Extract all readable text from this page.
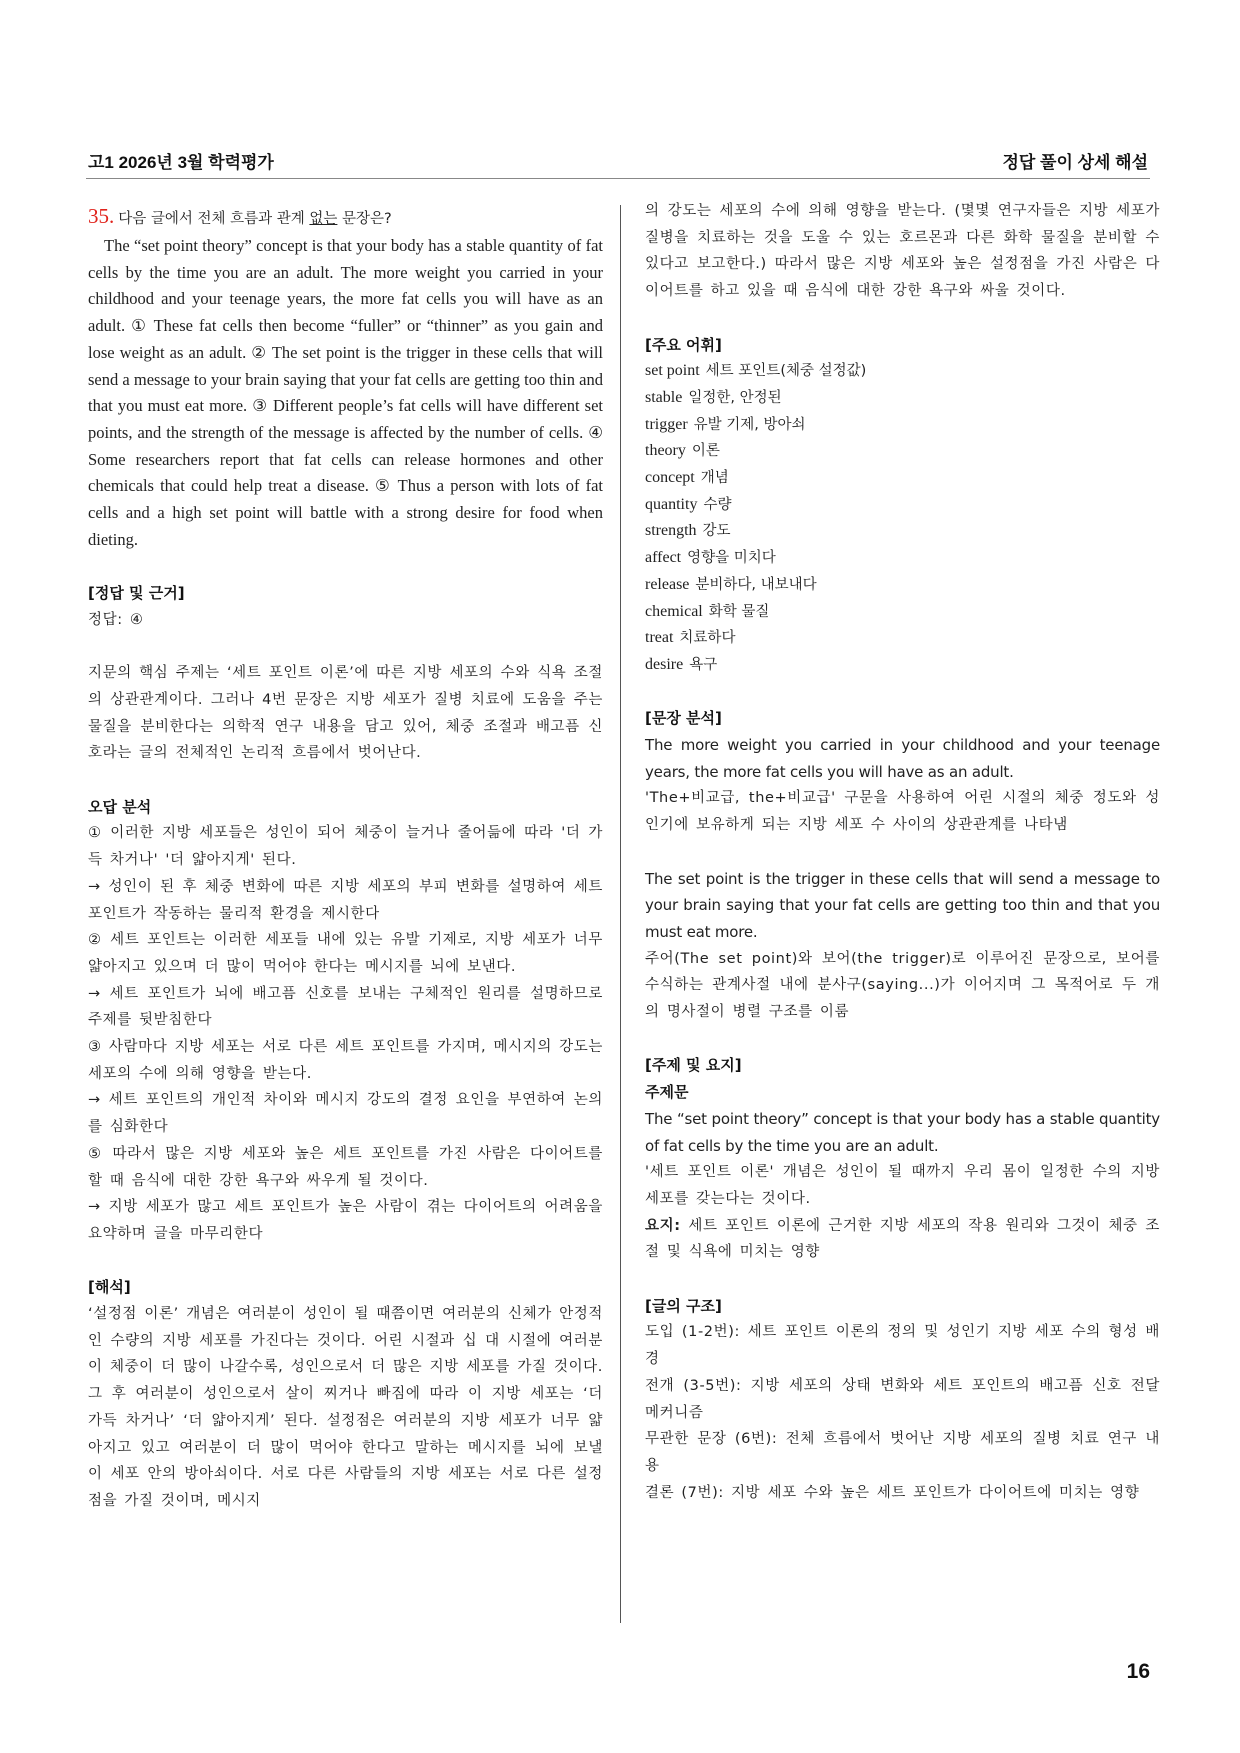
고1 2026년 3월 학력평가	정답 풀이 상세 해설

35. 다음 글에서 전체 흐름과 관계 없는 문장은?

The “set point theory” concept is that your body has a stable quantity of fat cells by the time you are an adult. The more weight you carried in your childhood and your teenage years, the more fat cells you will have as an adult. ① These fat cells then become “fuller” or “thinner” as you gain and lose weight as an adult. ② The set point is the trigger in these cells that will send a message to your brain saying that your fat cells are getting too thin and that you must eat more. ③ Different people’s fat cells will have different set points, and the strength of the message is affected by the number of cells. ④ Some researchers report that fat cells can release hormones and other chemicals that could help treat a disease. ⑤ Thus a person with lots of fat cells and a high set point will battle with a strong desire for food when dieting.

[정답 및 근거]

정답: ④

지문의 핵심 주제는 ‘세트 포인트 이론’에 따른 지방 세포의 수와 식욕 조절의 상관관계이다. 그러나 4번 문장은 지방 세포가 질병 치료에 도움을 주는 물질을 분비한다는 의학적 연구 내용을 담고 있어, 체중 조절과 배고픔 신호라는 글의 전체적인 논리적 흐름에서 벗어난다.

오답 분석

① 이러한 지방 세포들은 성인이 되어 체중이 늘거나 줄어듦에 따라 '더 가득 차거나' '더 얇아지게' 된다.

→ 성인이 된 후 체중 변화에 따른 지방 세포의 부피 변화를 설명하여 세트 포인트가 작동하는 물리적 환경을 제시한다

② 세트 포인트는 이러한 세포들 내에 있는 유발 기제로, 지방 세포가 너무 얇아지고 있으며 더 많이 먹어야 한다는 메시지를 뇌에 보낸다.

→ 세트 포인트가 뇌에 배고픔 신호를 보내는 구체적인 원리를 설명하므로 주제를 뒷받침한다

③ 사람마다 지방 세포는 서로 다른 세트 포인트를 가지며, 메시지의 강도는 세포의 수에 의해 영향을 받는다.

→ 세트 포인트의 개인적 차이와 메시지 강도의 결정 요인을 부연하여 논의를 심화한다

⑤ 따라서 많은 지방 세포와 높은 세트 포인트를 가진 사람은 다이어트를 할 때 음식에 대한 강한 욕구와 싸우게 될 것이다.

→ 지방 세포가 많고 세트 포인트가 높은 사람이 겪는 다이어트의 어려움을 요약하며 글을 마무리한다

[해석]

‘설정점 이론’ 개념은 여러분이 성인이 될 때쯤이면 여러분의 신체가 안정적인 수량의 지방 세포를 가진다는 것이다. 어린 시절과 십 대 시절에 여러분이 체중이 더 많이 나갈수록, 성인으로서 더 많은 지방 세포를 가질 것이다. 그 후 여러분이 성인으로서 살이 찌거나 빠짐에 따라 이 지방 세포는 ‘더 가득 차거나’ ‘더 얇아지게’ 된다. 설정점은 여러분의 지방 세포가 너무 얇아지고 있고 여러분이 더 많이 먹어야 한다고 말하는 메시지를 뇌에 보낼 이 세포 안의 방아쇠이다. 서로 다른 사람들의 지방 세포는 서로 다른 설정점을 가질 것이며, 메시지

의 강도는 세포의 수에 의해 영향을 받는다. (몇몇 연구자들은 지방 세포가 질병을 치료하는 것을 도울 수 있는 호르몬과 다른 화학 물질을 분비할 수 있다고 보고한다.) 따라서 많은 지방 세포와 높은 설정점을 가진 사람은 다이어트를 하고 있을 때 음식에 대한 강한 욕구와 싸울 것이다.

[주요 어휘]

set point 세트 포인트(체중 설정값)
stable 일정한, 안정된
trigger 유발 기제, 방아쇠
theory 이론
concept 개념
quantity 수량
strength 강도
affect 영향을 미치다
release 분비하다, 내보내다
chemical 화학 물질
treat 치료하다
desire 욕구

[문장 분석]

The more weight you carried in your childhood and your teenage years, the more fat cells you will have as an adult.

'The+비교급, the+비교급' 구문을 사용하여 어린 시절의 체중 정도와 성인기에 보유하게 되는 지방 세포 수 사이의 상관관계를 나타냄

The set point is the trigger in these cells that will send a message to your brain saying that your fat cells are getting too thin and that you must eat more.

주어(The set point)와 보어(the trigger)로 이루어진 문장으로, 보어를 수식하는 관계사절 내에 분사구(saying...)가 이어지며 그 목적어로 두 개의 명사절이 병렬 구조를 이룸

[주제 및 요지]

주제문

The “set point theory” concept is that your body has a stable quantity of fat cells by the time you are an adult.

'세트 포인트 이론' 개념은 성인이 될 때까지 우리 몸이 일정한 수의 지방 세포를 갖는다는 것이다.

요지: 세트 포인트 이론에 근거한 지방 세포의 작용 원리와 그것이 체중 조절 및 식욕에 미치는 영향

[글의 구조]

도입 (1-2번): 세트 포인트 이론의 정의 및 성인기 지방 세포 수의 형성 배경

전개 (3-5번): 지방 세포의 상태 변화와 세트 포인트의 배고픔 신호 전달 메커니즘

무관한 문장 (6번): 전체 흐름에서 벗어난 지방 세포의 질병 치료 연구 내용

결론 (7번): 지방 세포 수와 높은 세트 포인트가 다이어트에 미치는 영향

16
